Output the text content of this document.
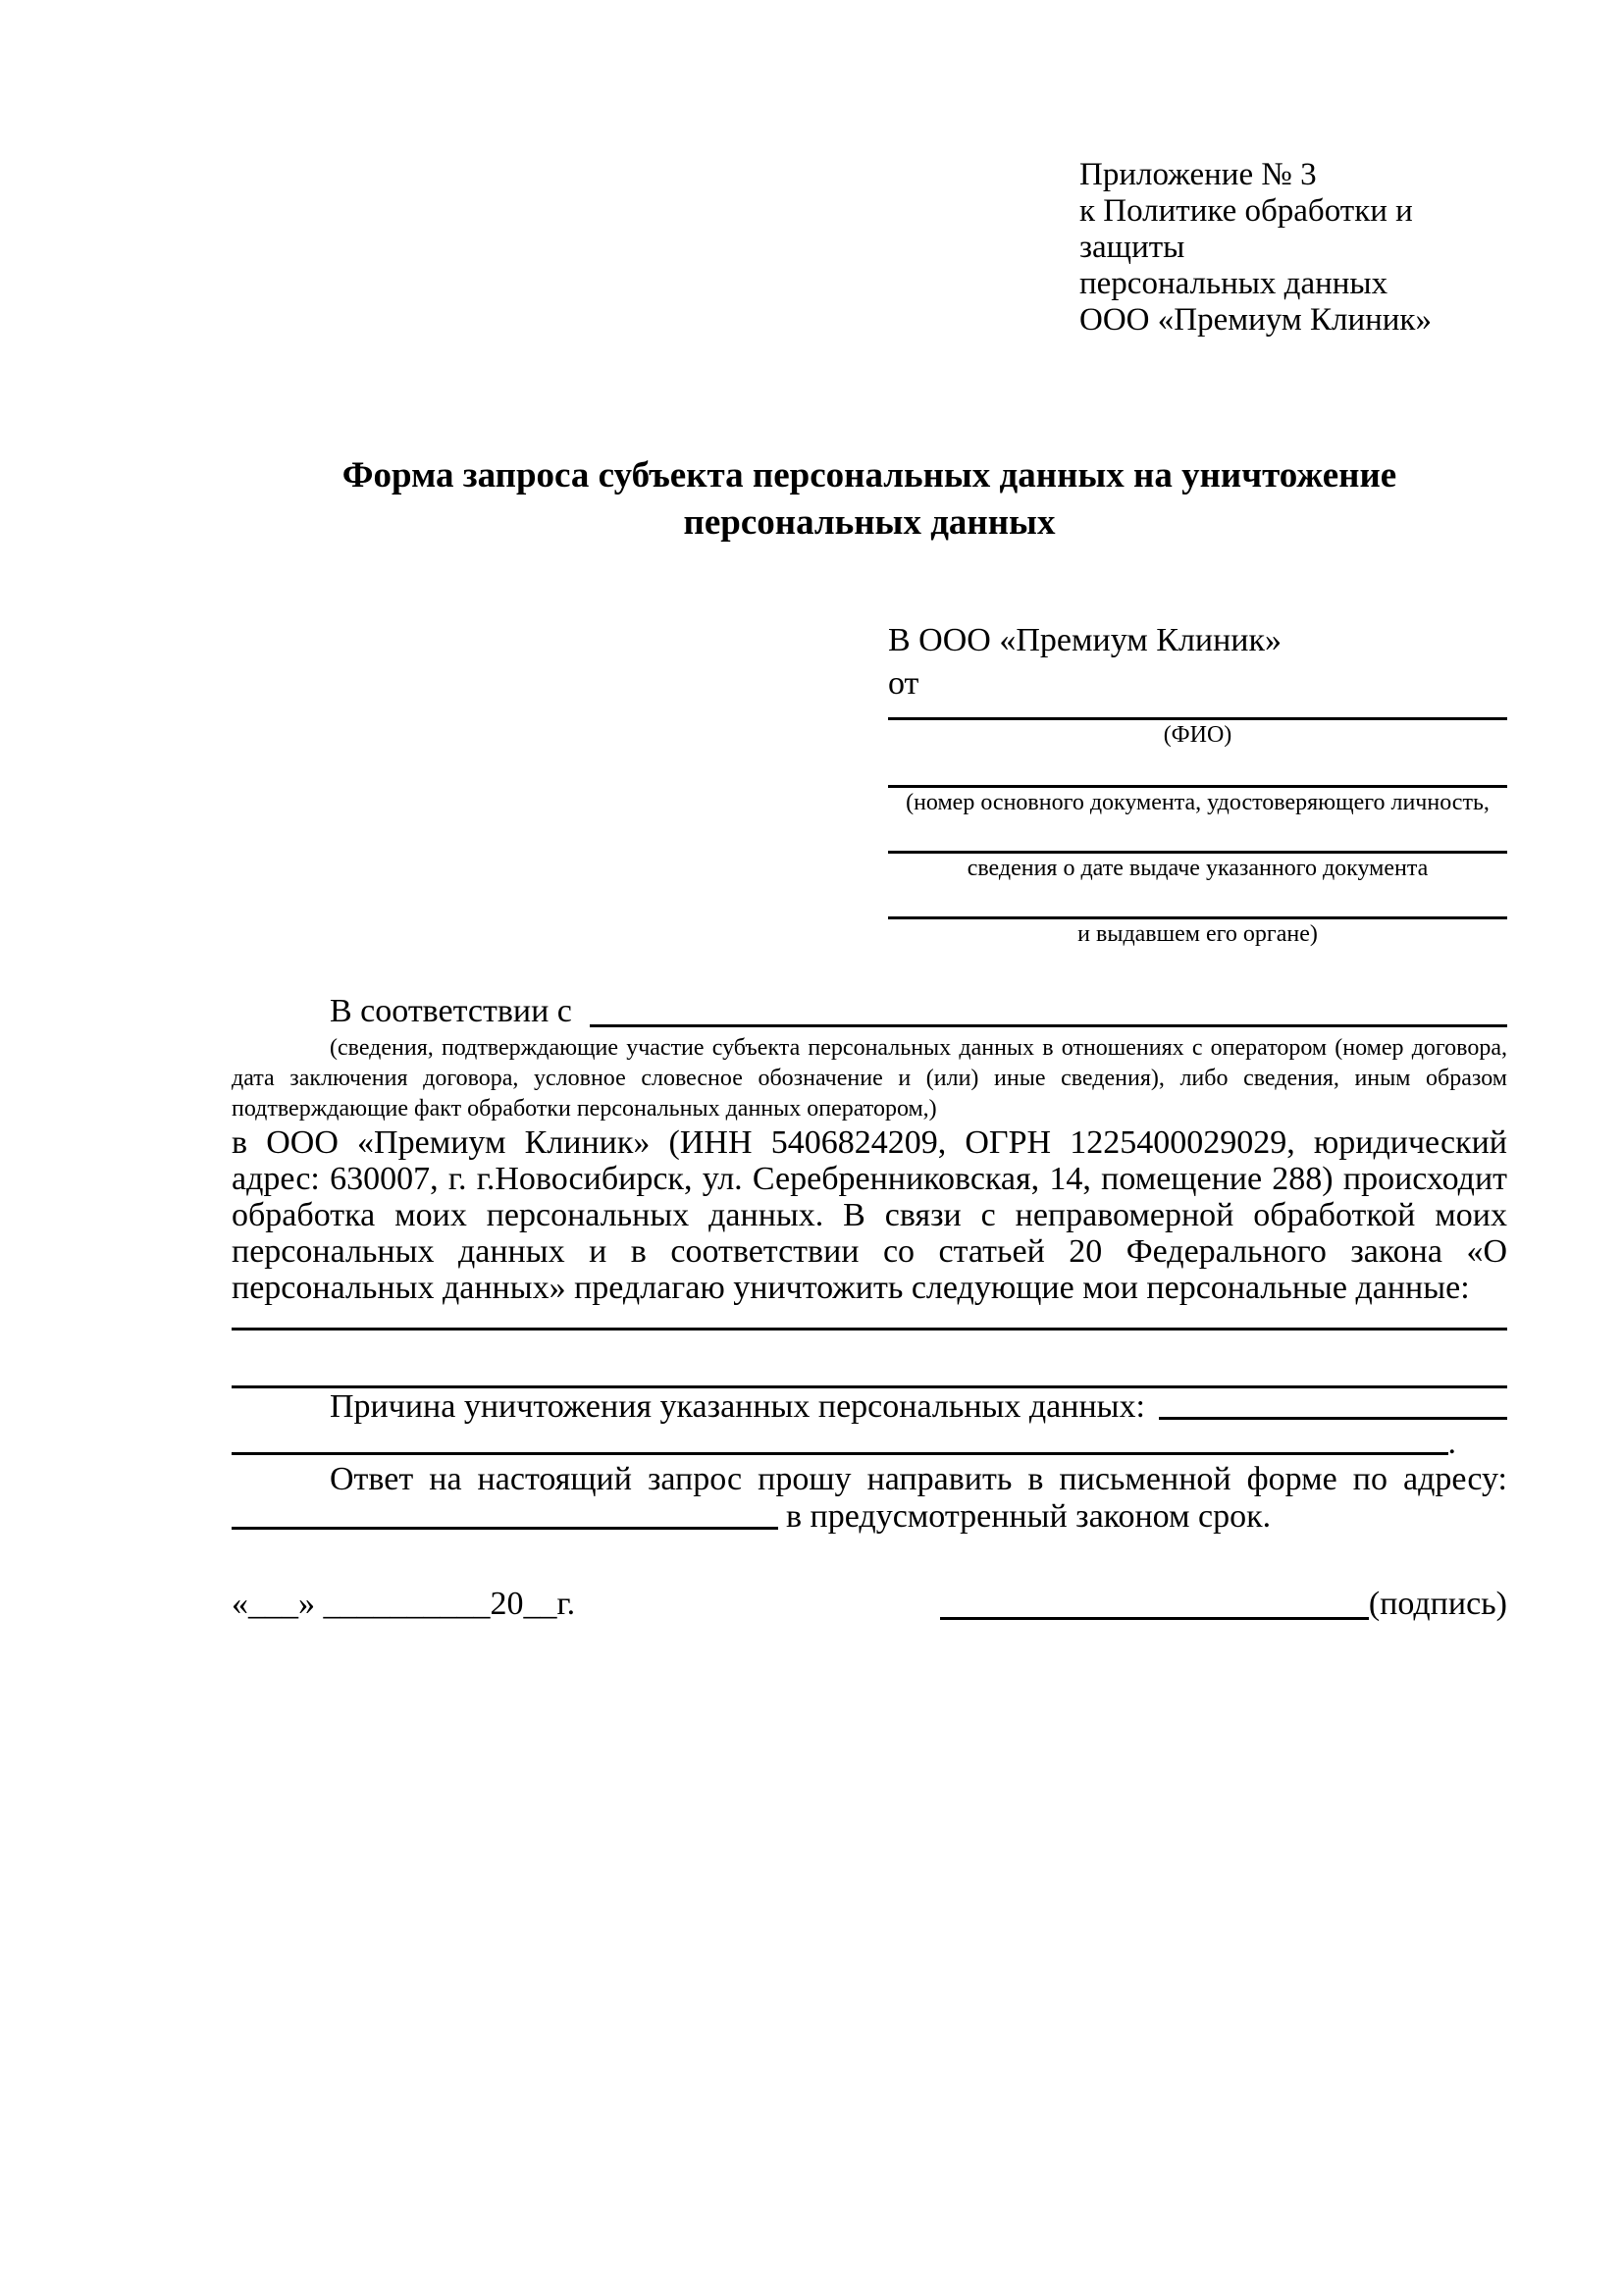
Приложение № 3
к Политике обработки и защиты
персональных данных
ООО «Премиум Клиник»
Форма запроса субъекта персональных данных на уничтожение персональных данных
В ООО «Премиум Клиник»
от
(ФИО)
(номер основного документа, удостоверяющего личность,
сведения о дате выдаче указанного документа
и выдавшем его органе)
В соответствии с
(сведения, подтверждающие участие субъекта персональных данных в отношениях с оператором (номер договора, дата заключения договора, условное словесное обозначение и (или) иные сведения), либо сведения, иным образом подтверждающие факт обработки персональных данных оператором,)
в ООО «Премиум Клиник» (ИНН 5406824209, ОГРН 1225400029029, юридический адрес: 630007, г. г.Новосибирск, ул. Серебренниковская, 14, помещение 288) происходит обработка моих персональных данных. В связи с неправомерной обработкой моих персональных данных и в соответствии со статьей 20 Федерального закона «О персональных данных» предлагаю уничтожить следующие мои персональные данные:
Причина уничтожения указанных персональных данных:
.
Ответ на настоящий запрос прошу направить в письменной форме по адресу:
в предусмотренный законом срок.
«___» __________20__г.	(подпись)
